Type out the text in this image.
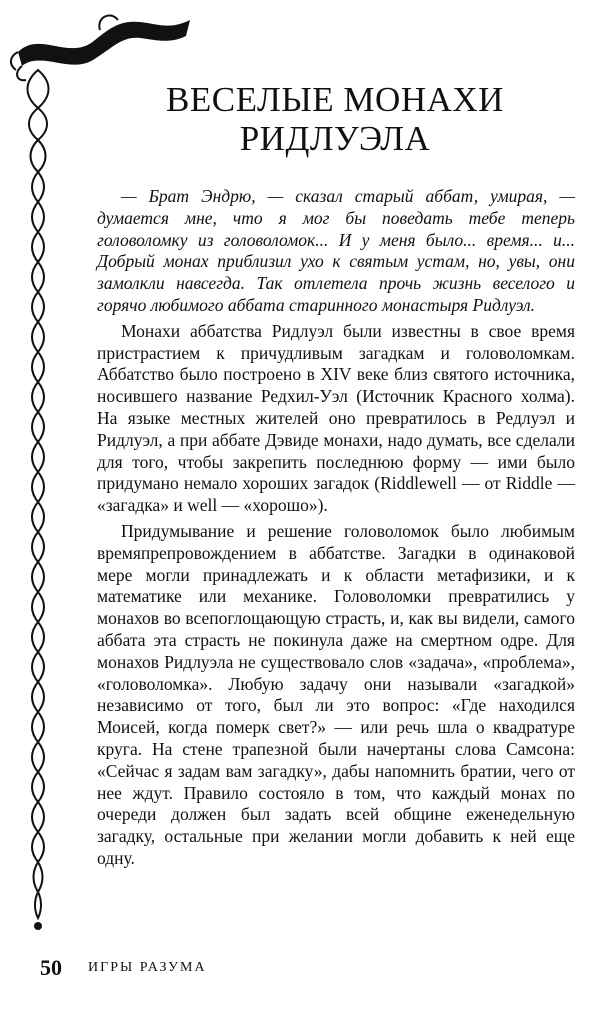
ВЕСЕЛЫЕ МОНАХИ
РИДЛУЭЛА

— Брат Эндрю, — сказал старый аббат, умирая, — думается мне, что я мог бы поведать тебе теперь головоломку из головоломок... И у меня было... время... и... Добрый монах приблизил ухо к святым устам, но, увы, они замолкли навсегда. Так отлетела прочь жизнь веселого и горячо любимого аббата старинного монастыря Ридлуэл.

Монахи аббатства Ридлуэл были известны в свое время пристрастием к причудливым загадкам и головоломкам. Аббатство было построено в XIV веке близ святого источника, носившего название Редхил-Уэл (Источник Красного холма). На языке местных жителей оно превратилось в Редлуэл и Ридлуэл, а при аббате Дэвиде монахи, надо думать, все сделали для того, чтобы закрепить последнюю форму — ими было придумано немало хороших загадок (Riddlewell — от Riddle — «загадка» и well — «хорошо»).

Придумывание и решение головоломок было любимым времяпрепровождением в аббатстве. Загадки в одинаковой мере могли принадлежать и к области метафизики, и к математике или механике. Головоломки превратились у монахов во всепоглощающую страсть, и, как вы видели, самого аббата эта страсть не покинула даже на смертном одре. Для монахов Ридлуэла не существовало слов «задача», «проблема», «головоломка». Любую задачу они называли «загадкой» независимо от того, был ли это вопрос: «Где находился Моисей, когда померк свет?» — или речь шла о квадратуре круга. На стене трапезной были начертаны слова Самсона: «Сейчас я задам вам загадку», дабы напомнить братии, чего от нее ждут. Правило состояло в том, что каждый монах по очереди должен был задать всей общине еженедельную загадку, остальные при желании могли добавить к ней еще одну.

50 ИГРЫ РАЗУМА
